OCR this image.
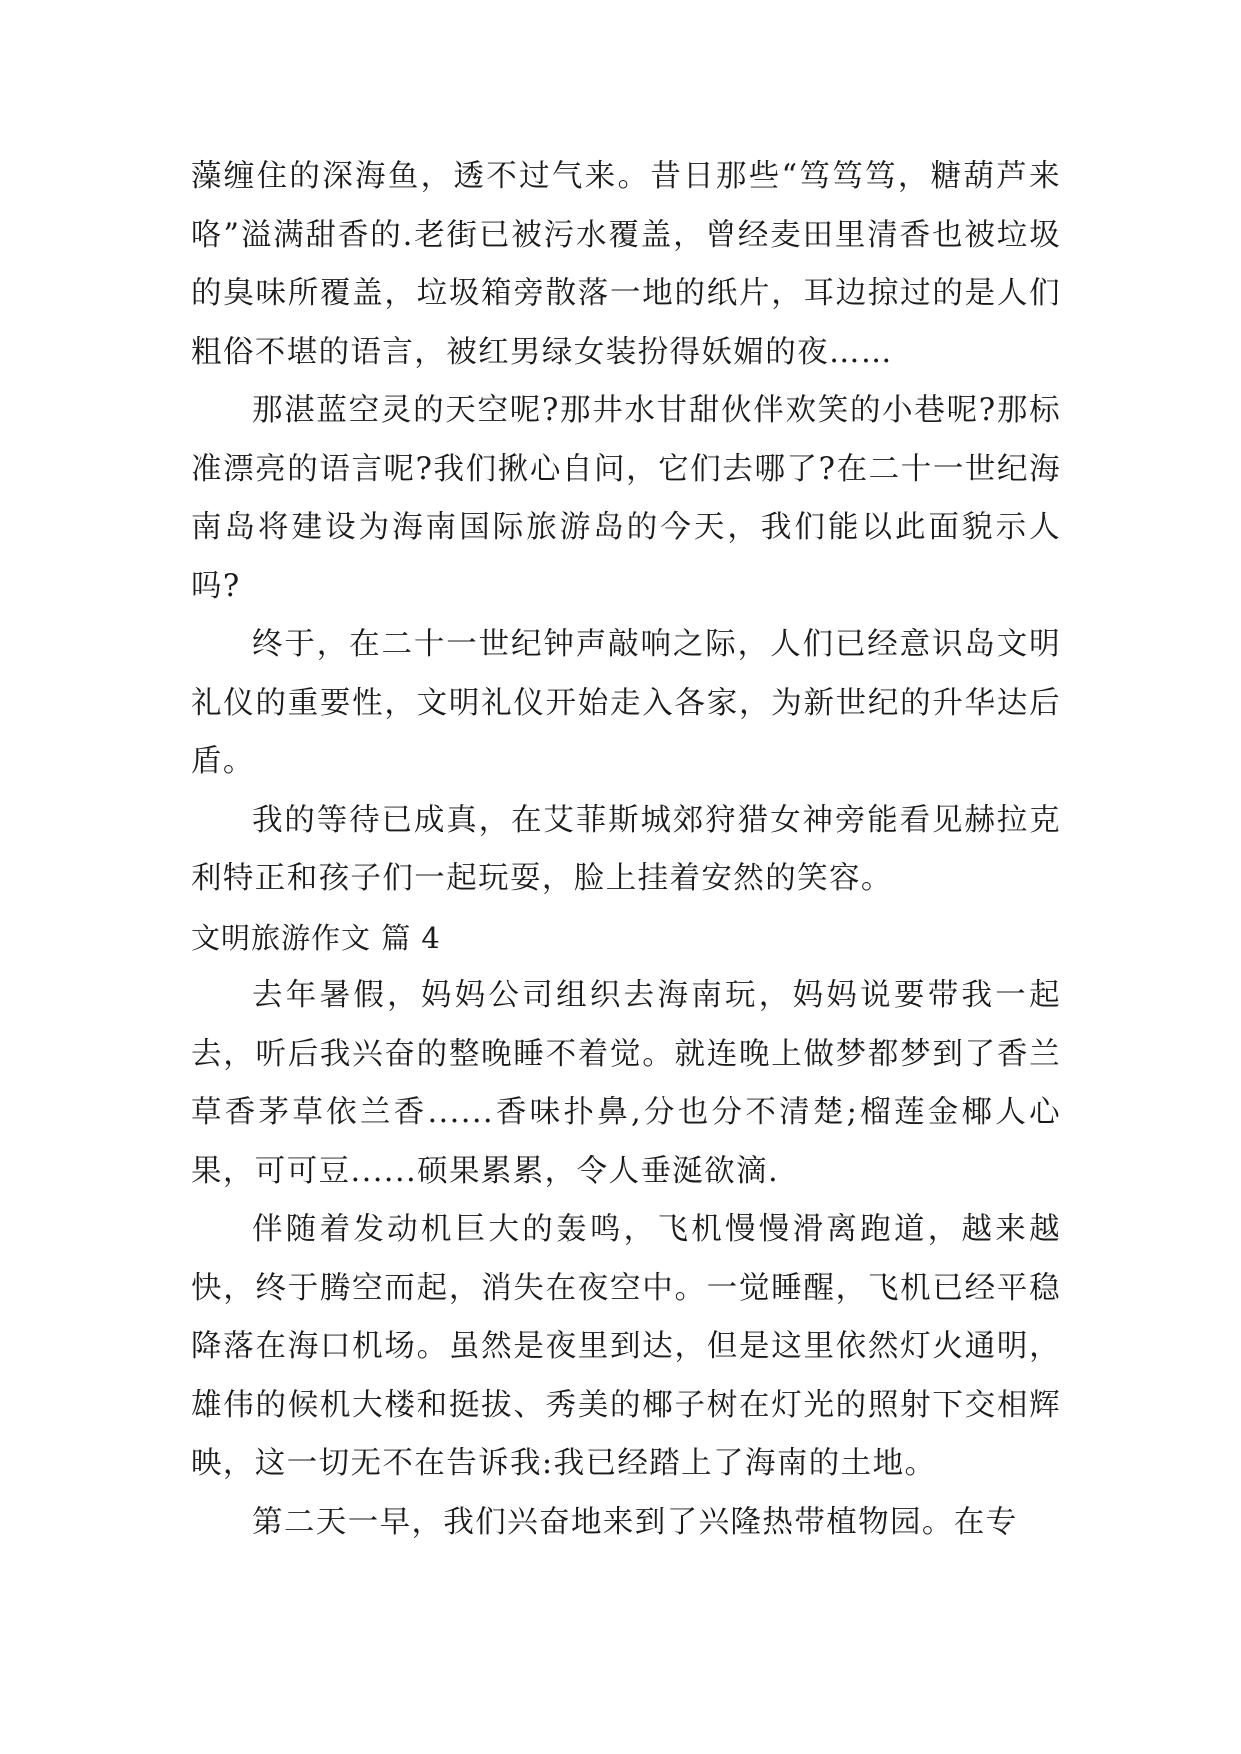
藻缠住的深海鱼，透不过气来。昔日那些“笃笃笃，糖葫芦来咯”溢满甜香的.老街已被污水覆盖，曾经麦田里清香也被垃圾的臭味所覆盖，垃圾箱旁散落一地的纸片，耳边掠过的是人们粗俗不堪的语言，被红男绿女装扮得妖媚的夜……

那湛蓝空灵的天空呢?那井水甘甜伙伴欢笑的小巷呢?那标准漂亮的语言呢?我们揪心自问，它们去哪了?在二十一世纪海南岛将建设为海南国际旅游岛的今天，我们能以此面貌示人吗?

终于，在二十一世纪钟声敲响之际，人们已经意识岛文明礼仪的重要性，文明礼仪开始走入各家，为新世纪的升华达后盾。

我的等待已成真，在艾菲斯城郊狩猎女神旁能看见赫拉克利特正和孩子们一起玩耍，脸上挂着安然的笑容。

文明旅游作文 篇 4

去年暑假，妈妈公司组织去海南玩，妈妈说要带我一起去，听后我兴奋的整晚睡不着觉。就连晚上做梦都梦到了香兰草香茅草依兰香......香味扑鼻,分也分不清楚;榴莲金椰人心果，可可豆......硕果累累，令人垂涎欲滴.

伴随着发动机巨大的轰鸣，飞机慢慢滑离跑道，越来越快，终于腾空而起，消失在夜空中。一觉睡醒，飞机已经平稳降落在海口机场。虽然是夜里到达，但是这里依然灯火通明，雄伟的候机大楼和挺拔、秀美的椰子树在灯光的照射下交相辉映，这一切无不在告诉我:我已经踏上了海南的土地。

第二天一早，我们兴奋地来到了兴隆热带植物园。在专
